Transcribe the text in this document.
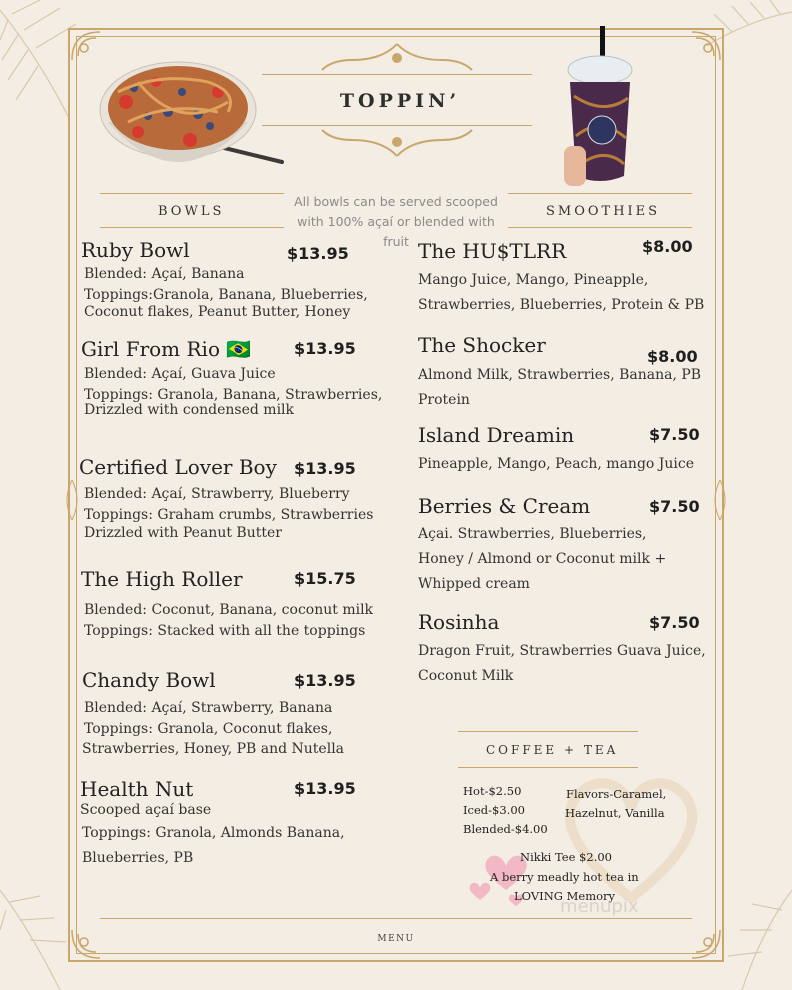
TOPPIN’
BOWLS
All bowls can be served scooped with 100% açaí or blended with fruit
SMOOTHIES
Ruby Bowl	$13.95
Blended: Açaí, Banana
Toppings:Granola, Banana, Blueberries,
Coconut flakes, Peanut Butter, Honey
Girl From Rio 🇧🇷	$13.95
Blended: Açaí, Guava Juice
Toppings: Granola, Banana, Strawberries,
Drizzled with condensed milk
Certified Lover Boy $13.95
Blended: Açaí, Strawberry, Blueberry
Toppings: Graham crumbs, Strawberries
Drizzled with Peanut Butter
The High Roller	$15.75
Blended: Coconut, Banana, coconut milk
Toppings: Stacked with all the toppings
Chandy Bowl	$13.95
Blended: Açaí, Strawberry, Banana
Toppings: Granola, Coconut flakes,
Strawberries, Honey, PB and Nutella
Health Nut	$13.95
Scooped açaí base
Toppings: Granola, Almonds Banana,
Blueberries, PB
The HU$TLRR	$8.00
Mango Juice, Mango, Pineapple,
Strawberries, Blueberries, Protein & PB
The Shocker	$8.00
Almond Milk, Strawberries, Banana, PB
Protein
Island Dreamin	$7.50
Pineapple, Mango, Peach, mango Juice
Berries & Cream	$7.50
Açai. Strawberries, Blueberries,
Honey / Almond or Coconut milk +
Whipped cream
Rosinha	$7.50
Dragon Fruit, Strawberries Guava Juice,
Coconut Milk
COFFEE + TEA
Hot-$2.50
Iced-$3.00
Blended-$4.00
Flavors-Caramel,
Hazelnut, Vanilla
Nikki Tee $2.00
A berry meadly hot tea in
LOVING Memory
menupix
MENU
